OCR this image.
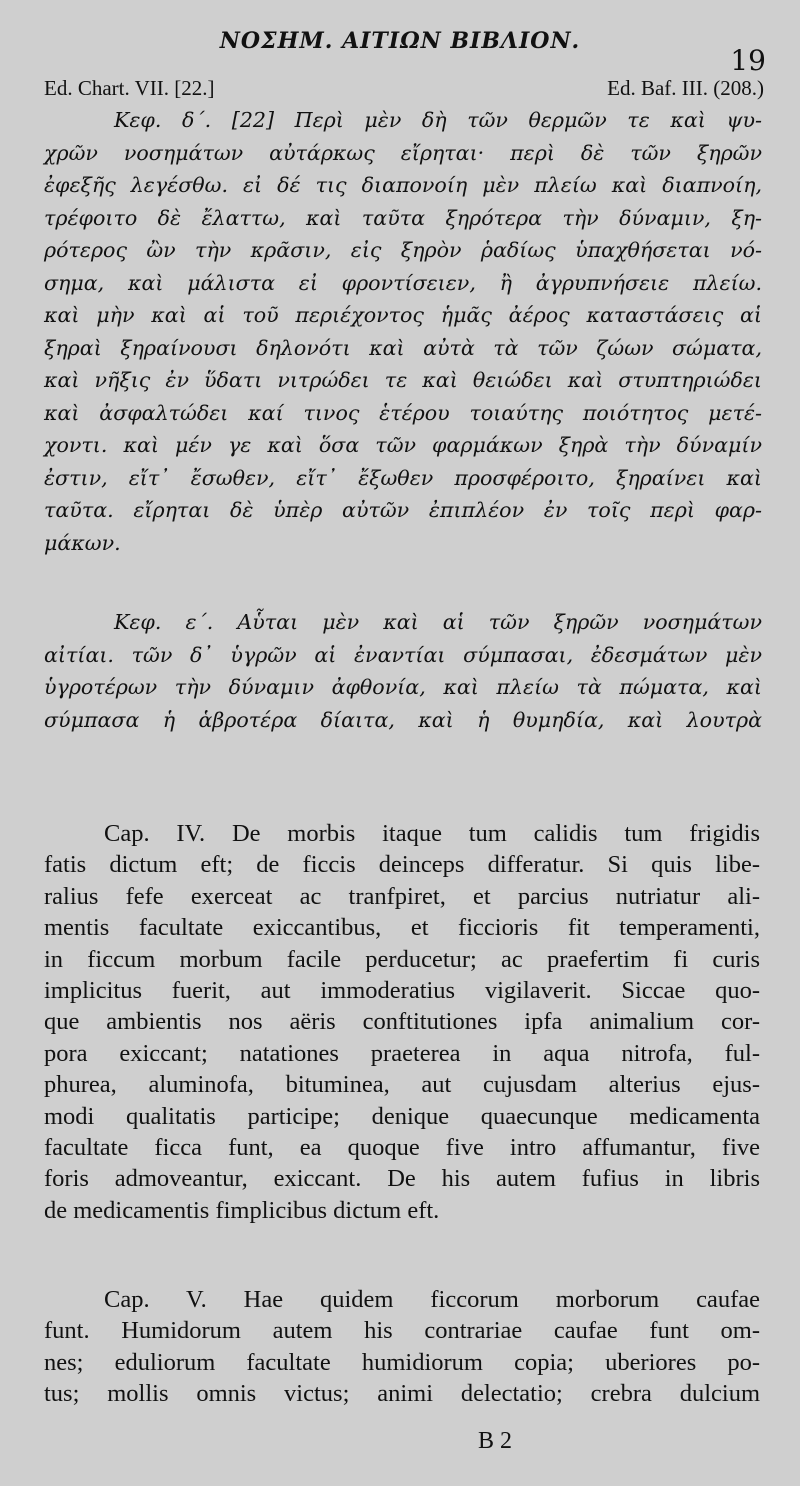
ΝΟΣΗΜ. ΑΙΤΙΩΝ ΒΙΒΛΙΟΝ.
19
Ed. Chart. VII. [22.]	Ed. Baf. III. (208.)
Κεφ. δ΄. [22] Περὶ μὲν δὴ τῶν θερμῶν τε καὶ ψυ-
χρῶν νοσημάτων αὐτάρκως εἴρηται· περὶ δὲ τῶν ξηρῶν
ἐφεξῆς λεγέσθω. εἰ δέ τις διαπονοίη μὲν πλείω καὶ διαπνοίη,
τρέφοιτο δὲ ἔλαττω, καὶ ταῦτα ξηρότερα τὴν δύναμιν, ξη-
ρότερος ὢν τὴν κρᾶσιν, εἰς ξηρὸν ῥαδίως ὑπαχθήσεται νό-
σημα, καὶ μάλιστα εἰ φροντίσειεν, ἢ ἀγρυπνήσειε πλείω.
καὶ μὴν καὶ αἱ τοῦ περιέχοντος ἡμᾶς ἀέρος καταστάσεις αἱ
ξηραὶ ξηραίνουσι δηλονότι καὶ αὐτὰ τὰ τῶν ζώων σώματα,
καὶ νῆξις ἐν ὕδατι νιτρώδει τε καὶ θειώδει καὶ στυπτηριώδει
καὶ ἀσφαλτώδει καί τινος ἑτέρου τοιαύτης ποιότητος μετέ-
χοντι. καὶ μέν γε καὶ ὅσα τῶν φαρμάκων ξηρὰ τὴν δύναμίν
ἐστιν, εἴτ᾽ ἔσωθεν, εἴτ᾽ ἔξωθεν προσφέροιτο, ξηραίνει καὶ
ταῦτα. εἴρηται δὲ ὑπὲρ αὐτῶν ἐπιπλέον ἐν τοῖς περὶ φαρ-
μάκων.
Κεφ. ε΄. Αὗται μὲν καὶ αἱ τῶν ξηρῶν νοσημάτων
αἰτίαι. τῶν δ᾽ ὑγρῶν αἱ ἐναντίαι σύμπασαι, ἐδεσμάτων μὲν
ὑγροτέρων τὴν δύναμιν ἀφθονία, καὶ πλείω τὰ πώματα, καὶ
σύμπασα ἡ ἁβροτέρα δίαιτα, καὶ ἡ θυμηδία, καὶ λουτρὰ
Cap. IV. De morbis itaque tum calidis tum frigidis
fatis dictum eft; de ficcis deinceps differatur. Si quis libe-
ralius fefe exerceat ac tranfpiret, et parcius nutriatur ali-
mentis facultate exiccantibus, et ficcioris fit temperamenti,
in ficcum morbum facile perducetur; ac praefertim fi curis
implicitus fuerit, aut immoderatius vigilaverit. Siccae quo-
que ambientis nos aëris conftitutiones ipfa animalium cor-
pora exiccant; natationes praeterea in aqua nitrofa, ful-
phurea, aluminofa, bituminea, aut cujusdam alterius ejus-
modi qualitatis participe; denique quaecunque medicamenta
facultate ficca funt, ea quoque five intro affumantur, five
foris admoveantur, exiccant. De his autem fufius in libris
de medicamentis fimplicibus dictum eft.
Cap. V. Hae quidem ficcorum morborum caufae
funt. Humidorum autem his contrariae caufae funt om-
nes; eduliorum facultate humidiorum copia; uberiores po-
tus; mollis omnis victus; animi delectatio; crebra dulcium
B 2
